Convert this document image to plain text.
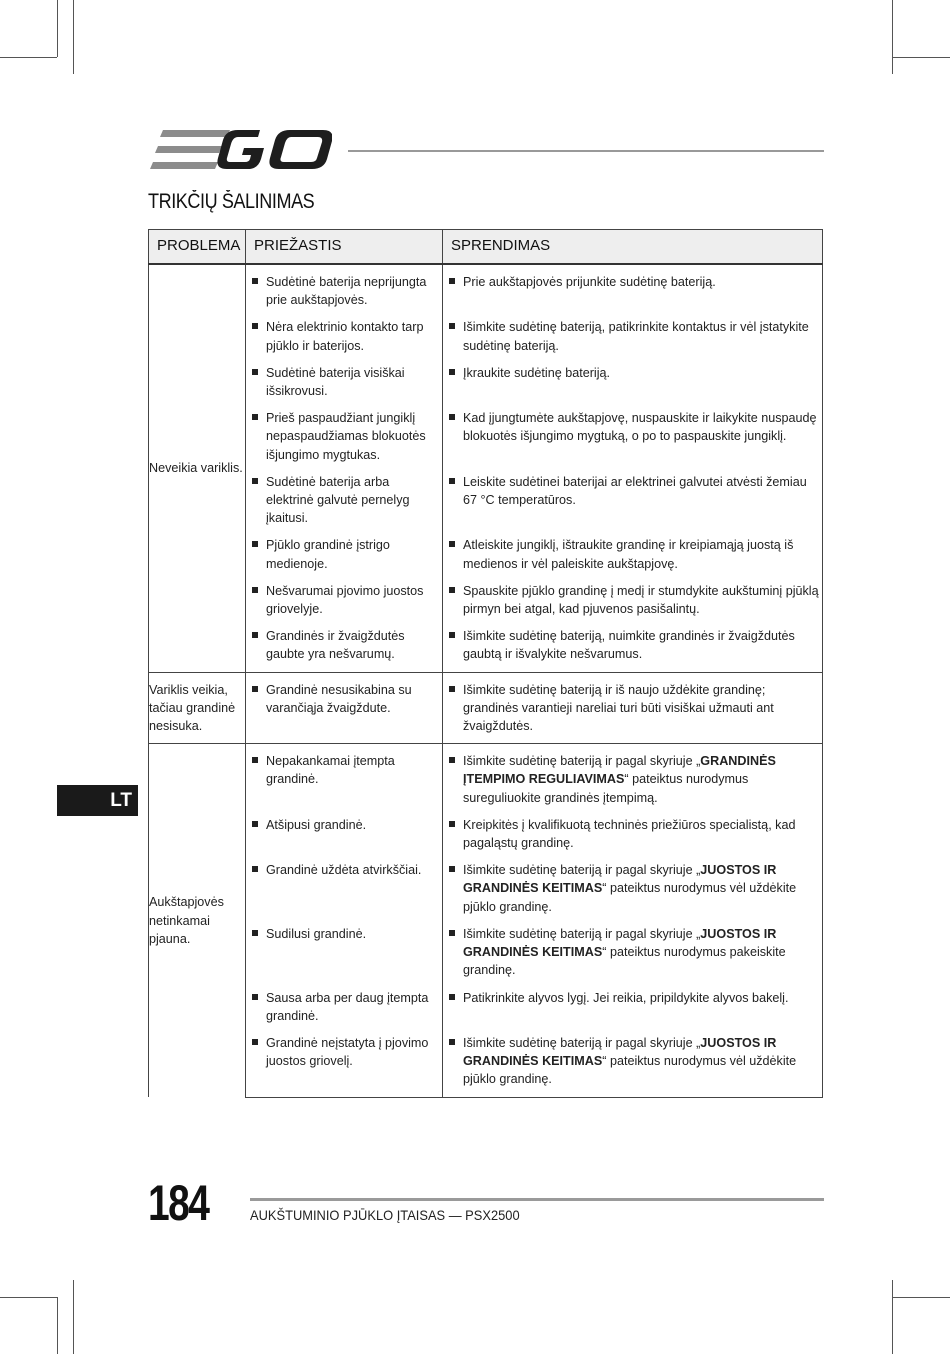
TRIKČIŲ ŠALINIMAS
PROBLEMA	PRIEŽASTIS	SPRENDIMAS
Neveikia variklis.		

Sudėtinė baterija neprijungta prie aukštapjovės.	Prie aukštapjovės prijunkite sudėtinę bateriją.

Nėra elektrinio kontakto tarp pjūklo ir baterijos.	Išimkite sudėtinę bateriją, patikrinkite kontaktus ir vėl įstatykite sudėtinę bateriją.

Sudėtinė baterija visiškai išsikrovusi.	Įkraukite sudėtinę bateriją.

Prieš paspaudžiant jungiklį nepaspaudžiamas blokuotės išjungimo mygtukas.	Kad įjungtumėte aukštapjovę, nuspauskite ir laikykite nuspaudę blokuotės išjungimo mygtuką, o po to paspauskite jungiklį.

Sudėtinė baterija arba elektrinė galvutė pernelyg įkaitusi.	Leiskite sudėtinei baterijai ar elektrinei galvutei atvėsti žemiau 67 °C temperatūros.

Pjūklo grandinė įstrigo medienoje.	Atleiskite jungiklį, ištraukite grandinę ir kreipiamąją juostą iš medienos ir vėl paleiskite aukštapjovę.

Nešvarumai pjovimo juostos griovelyje.	Spauskite pjūklo grandinę į medį ir stumdykite aukštuminį pjūklą pirmyn bei atgal, kad pjuvenos pasišalintų.

Grandinės ir žvaigždutės gaubte yra nešvarumų.	Išimkite sudėtinę bateriją, nuimkite grandinės ir žvaigždutės gaubtą ir išvalykite nešvarumus.

Variklis veikia, tačiau grandinė nesisuka.		

Grandinė nesusikabina su varančiąja žvaigždute.	Išimkite sudėtinę bateriją ir iš naujo uždėkite grandinę; grandinės varantieji nareliai turi būti visiškai užmauti ant žvaigždutės.

Aukštapjovės netinkamai pjauna.		

Nepakankamai įtempta grandinė.	Išimkite sudėtinę bateriją ir pagal skyriuje „GRANDINĖS ĮTEMPIMO REGULIAVIMAS“ pateiktus nurodymus sureguliuokite grandinės įtempimą.

Atšipusi grandinė.	Kreipkitės į kvalifikuotą techninės priežiūros specialistą, kad pagaląstų grandinę.

Grandinė uždėta atvirkščiai.	Išimkite sudėtinę bateriją ir pagal skyriuje „JUOSTOS IR GRANDINĖS KEITIMAS“ pateiktus nurodymus vėl uždėkite pjūklo grandinę.

Sudilusi grandinė.	Išimkite sudėtinę bateriją ir pagal skyriuje „JUOSTOS IR GRANDINĖS KEITIMAS“ pateiktus nurodymus pakeiskite grandinę.

Sausa arba per daug įtempta grandinė.	Patikrinkite alyvos lygį. Jei reikia, pripildykite alyvos bakelį.

Grandinė neįstatyta į pjovimo juostos griovelį.	Išimkite sudėtinę bateriją ir pagal skyriuje „JUOSTOS IR GRANDINĖS KEITIMAS“ pateiktus nurodymus vėl uždėkite pjūklo grandinę.
LT
184	AUKŠTUMINIO PJŪKLO ĮTAISAS — PSX2500
